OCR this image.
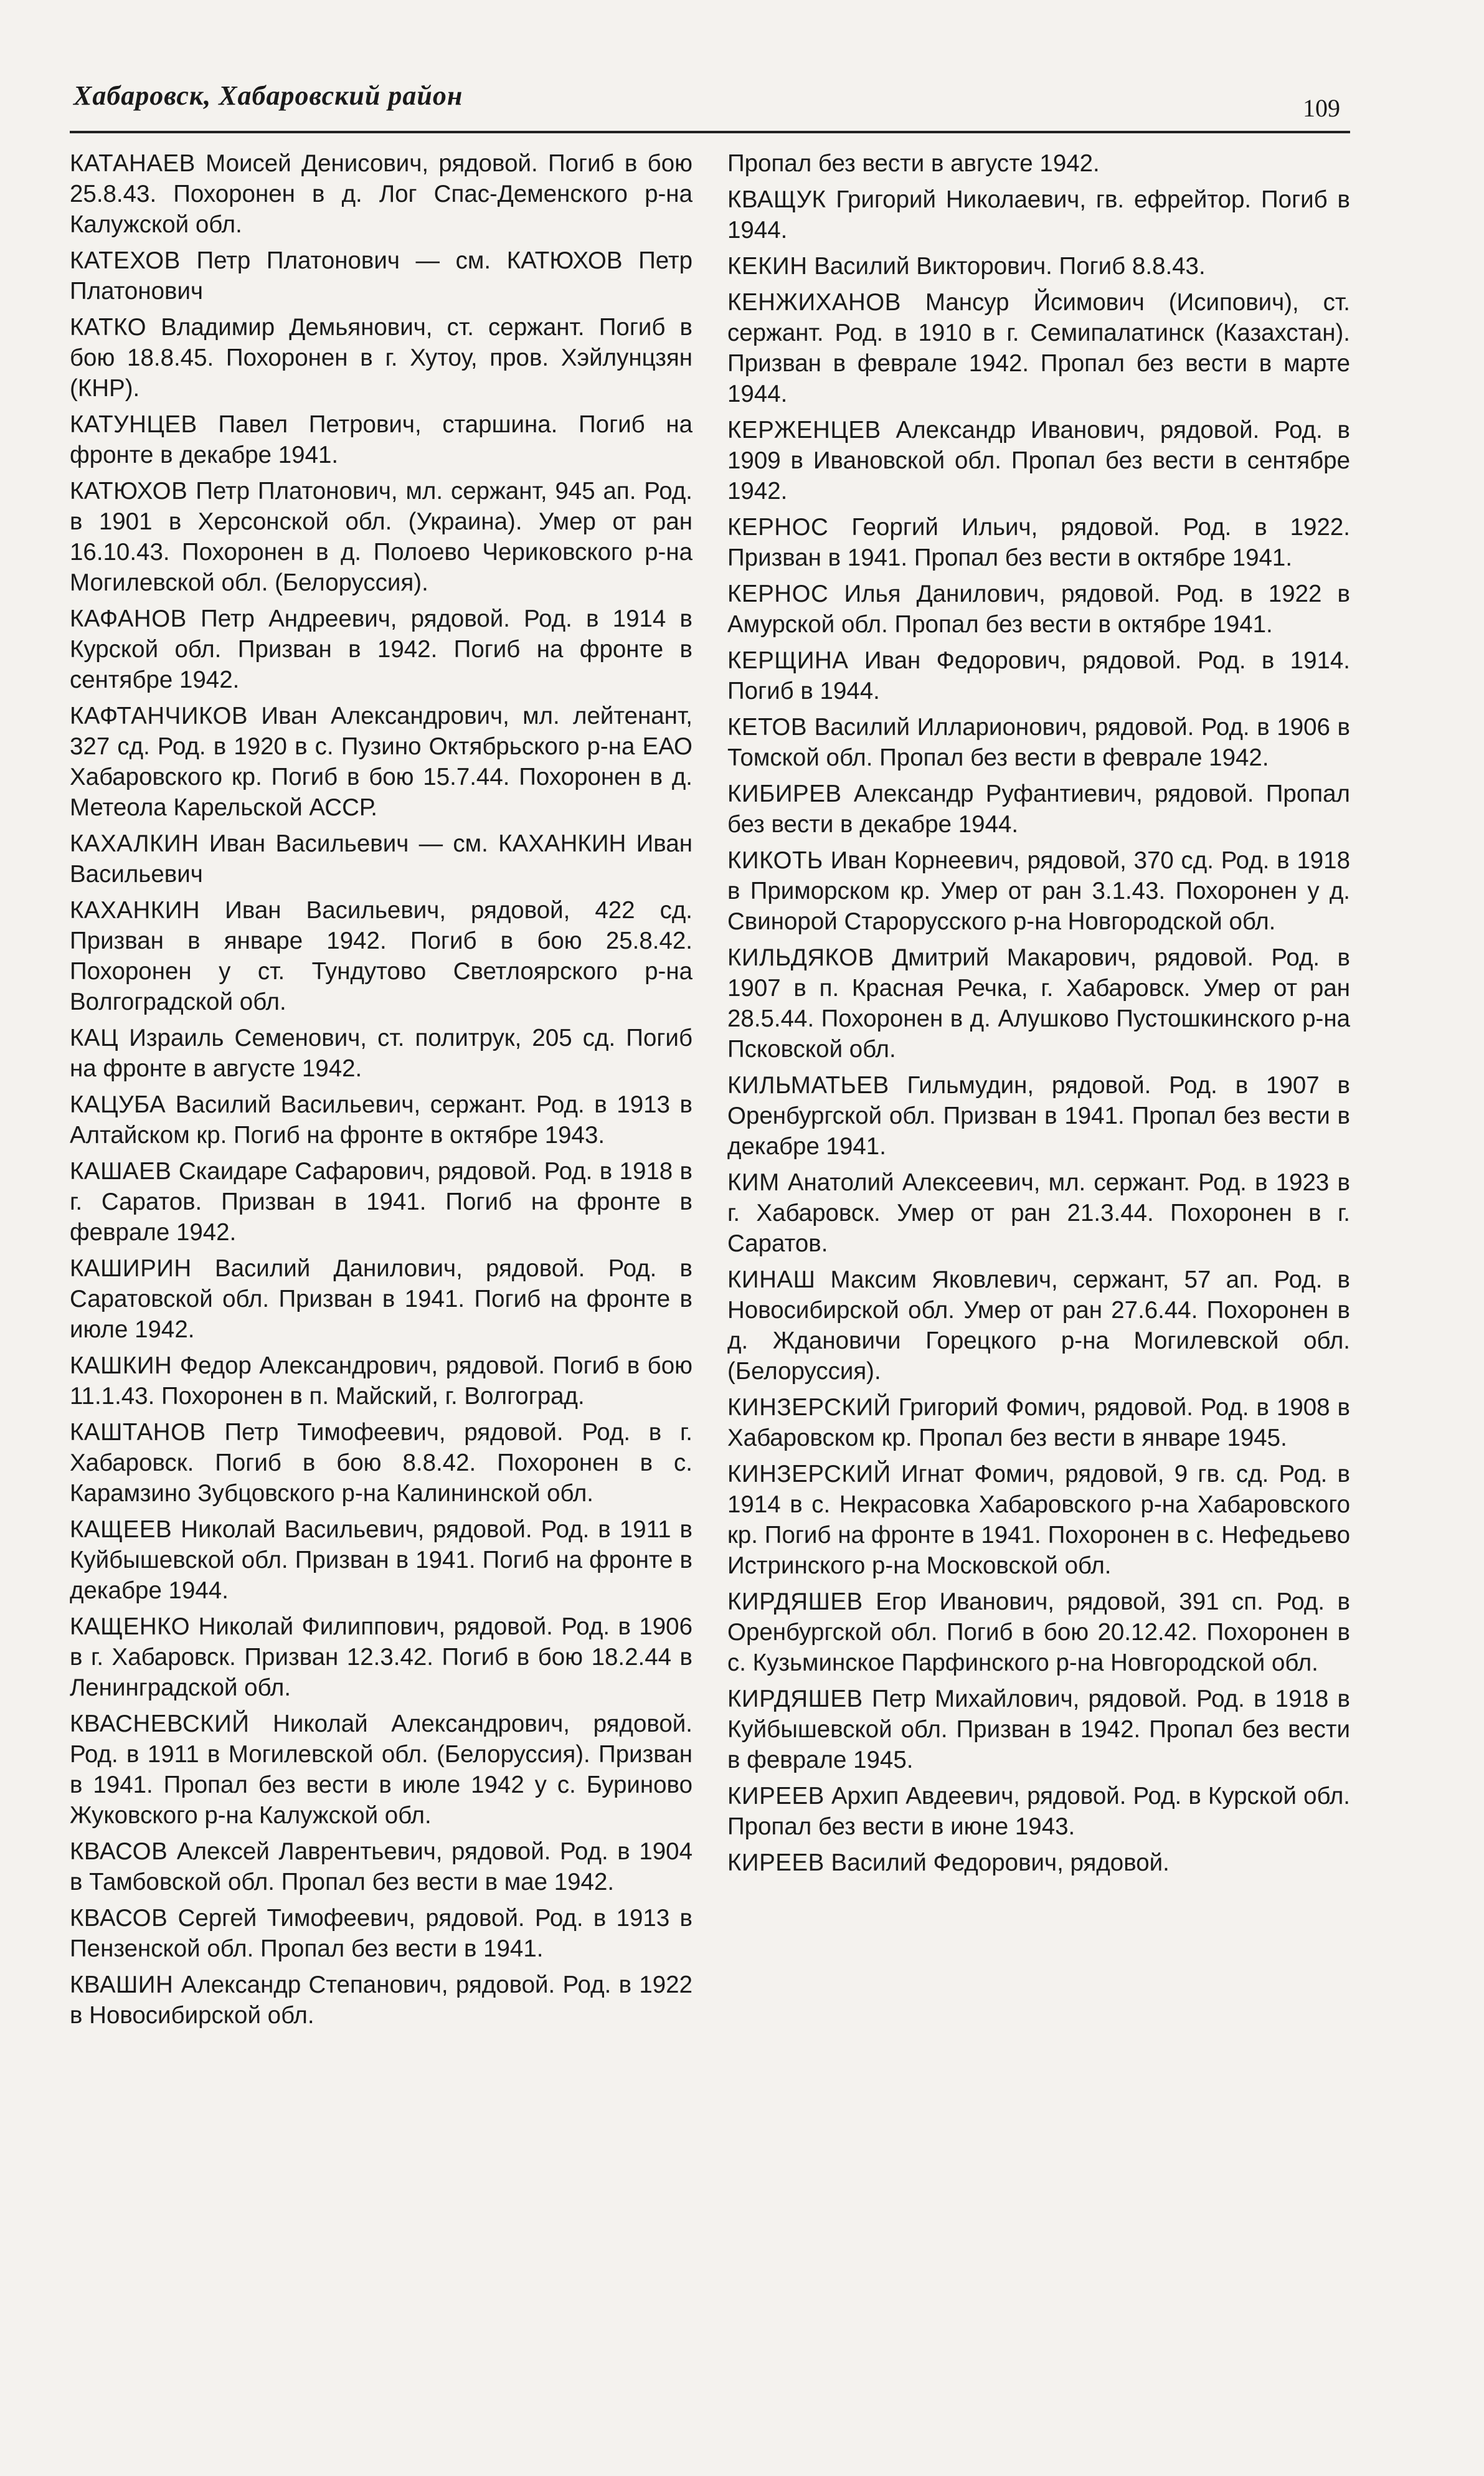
Хабаровск, Хабаровский район	109

КАТАНАЕВ Моисей Денисович, рядовой. Погиб в бою 25.8.43. Похоронен в д. Лог Спас-Деменского р-на Калужской обл.

КАТЕХОВ Петр Платонович — см. КАТЮХОВ Петр Платонович

КАТКО Владимир Демьянович, ст. сержант. Погиб в бою 18.8.45. Похоронен в г. Хутоу, пров. Хэйлунцзян (КНР).

КАТУНЦЕВ Павел Петрович, старшина. Погиб на фронте в декабре 1941.

КАТЮХОВ Петр Платонович, мл. сержант, 945 ап. Род. в 1901 в Херсонской обл. (Украина). Умер от ран 16.10.43. Похоронен в д. Полоево Чериковского р-на Могилевской обл. (Белоруссия).

КАФАНОВ Петр Андреевич, рядовой. Род. в 1914 в Курской обл. Призван в 1942. Погиб на фронте в сентябре 1942.

КАФТАНЧИКОВ Иван Александрович, мл. лейтенант, 327 сд. Род. в 1920 в с. Пузино Октябрьского р-на ЕАО Хабаровского кр. Погиб в бою 15.7.44. Похоронен в д. Метеола Карельской АССР.

КАХАЛКИН Иван Васильевич — см. КАХАНКИН Иван Васильевич

КАХАНКИН Иван Васильевич, рядовой, 422 сд. Призван в январе 1942. Погиб в бою 25.8.42. Похоронен у ст. Тундутово Светлоярского р-на Волгоградской обл.

КАЦ Израиль Семенович, ст. политрук, 205 сд. Погиб на фронте в августе 1942.

КАЦУБА Василий Васильевич, сержант. Род. в 1913 в Алтайском кр. Погиб на фронте в октябре 1943.

КАШАЕВ Скаидаре Сафарович, рядовой. Род. в 1918 в г. Саратов. Призван в 1941. Погиб на фронте в феврале 1942.

КАШИРИН Василий Данилович, рядовой. Род. в Саратовской обл. Призван в 1941. Погиб на фронте в июле 1942.

КАШКИН Федор Александрович, рядовой. Погиб в бою 11.1.43. Похоронен в п. Майский, г. Волгоград.

КАШТАНОВ Петр Тимофеевич, рядовой. Род. в г. Хабаровск. Погиб в бою 8.8.42. Похоронен в с. Карамзино Зубцовского р-на Калининской обл.

КАЩЕЕВ Николай Васильевич, рядовой. Род. в 1911 в Куйбышевской обл. Призван в 1941. Погиб на фронте в декабре 1944.

КАЩЕНКО Николай Филиппович, рядовой. Род. в 1906 в г. Хабаровск. Призван 12.3.42. Погиб в бою 18.2.44 в Ленинградской обл.

КВАСНЕВСКИЙ Николай Александрович, рядовой. Род. в 1911 в Могилевской обл. (Белоруссия). Призван в 1941. Пропал без вести в июле 1942 у с. Буриново Жуковского р-на Калужской обл.

КВАСОВ Алексей Лаврентьевич, рядовой. Род. в 1904 в Тамбовской обл. Пропал без вести в мае 1942.

КВАСОВ Сергей Тимофеевич, рядовой. Род. в 1913 в Пензенской обл. Пропал без вести в 1941.

КВАШИН Александр Степанович, рядовой. Род. в 1922 в Новосибирской обл.

Пропал без вести в августе 1942.

КВАЩУК Григорий Николаевич, гв. ефрейтор. Погиб в 1944.

КЕКИН Василий Викторович. Погиб 8.8.43.

КЕНЖИХАНОВ Мансур Йсимович (Исипович), ст. сержант. Род. в 1910 в г. Семипалатинск (Казахстан). Призван в феврале 1942. Пропал без вести в марте 1944.

КЕРЖЕНЦЕВ Александр Иванович, рядовой. Род. в 1909 в Ивановской обл. Пропал без вести в сентябре 1942.

КЕРНОС Георгий Ильич, рядовой. Род. в 1922. Призван в 1941. Пропал без вести в октябре 1941.

КЕРНОС Илья Данилович, рядовой. Род. в 1922 в Амурской обл. Пропал без вести в октябре 1941.

КЕРЩИНА Иван Федорович, рядовой. Род. в 1914. Погиб в 1944.

КЕТОВ Василий Илларионович, рядовой. Род. в 1906 в Томской обл. Пропал без вести в феврале 1942.

КИБИРЕВ Александр Руфантиевич, рядовой. Пропал без вести в декабре 1944.

КИКОТЬ Иван Корнеевич, рядовой, 370 сд. Род. в 1918 в Приморском кр. Умер от ран 3.1.43. Похоронен у д. Свинорой Старорусского р-на Новгородской обл.

КИЛЬДЯКОВ Дмитрий Макарович, рядовой. Род. в 1907 в п. Красная Речка, г. Хабаровск. Умер от ран 28.5.44. Похоронен в д. Алушково Пустошкинского р-на Псковской обл.

КИЛЬМАТЬЕВ Гильмудин, рядовой. Род. в 1907 в Оренбургской обл. Призван в 1941. Пропал без вести в декабре 1941.

КИМ Анатолий Алексеевич, мл. сержант. Род. в 1923 в г. Хабаровск. Умер от ран 21.3.44. Похоронен в г. Саратов.

КИНАШ Максим Яковлевич, сержант, 57 ап. Род. в Новосибирской обл. Умер от ран 27.6.44. Похоронен в д. Ждановичи Горецкого р-на Могилевской обл. (Белоруссия).

КИНЗЕРСКИЙ Григорий Фомич, рядовой. Род. в 1908 в Хабаровском кр. Пропал без вести в январе 1945.

КИНЗЕРСКИЙ Игнат Фомич, рядовой, 9 гв. сд. Род. в 1914 в с. Некрасовка Хабаровского р-на Хабаровского кр. Погиб на фронте в 1941. Похоронен в с. Нефедьево Истринского р-на Московской обл.

КИРДЯШЕВ Егор Иванович, рядовой, 391 сп. Род. в Оренбургской обл. Погиб в бою 20.12.42. Похоронен в с. Кузьминское Парфинского р-на Новгородской обл.

КИРДЯШЕВ Петр Михайлович, рядовой. Род. в 1918 в Куйбышевской обл. Призван в 1942. Пропал без вести в феврале 1945.

КИРЕЕВ Архип Авдеевич, рядовой. Род. в Курской обл. Пропал без вести в июне 1943.

КИРЕЕВ Василий Федорович, рядовой.
